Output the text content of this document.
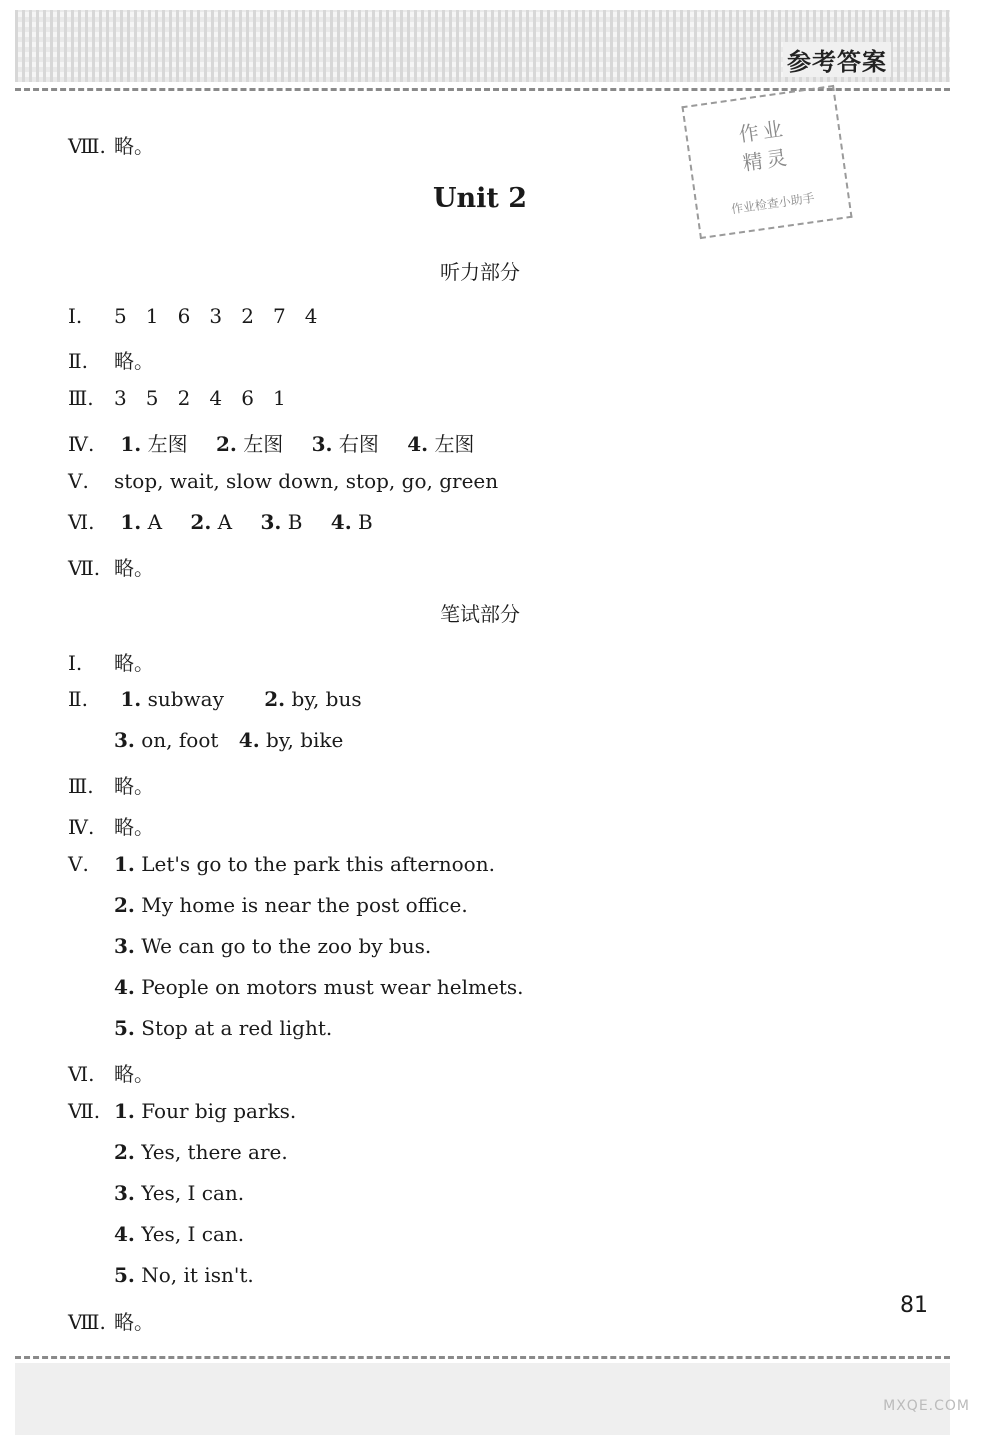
参考答案
作业
精灵
作业检查小助手
Ⅷ. 略。
Unit 2
听力部分
Ⅰ. 5   1   6   3   2   7   4
Ⅱ. 略。
Ⅲ. 3   5   2   4   6   1
Ⅳ. 1. 左图 2. 左图 3. 右图 4. 左图
Ⅴ. stop, wait, slow down, stop, go, green
Ⅵ. 1. A 2. A 3. B 4. B
Ⅶ. 略。
笔试部分
Ⅰ. 略。
Ⅱ. 1. subway 2. by, bus
3. on, foot 4. by, bike
Ⅲ. 略。
Ⅳ. 略。
Ⅴ. 1. Let's go to the park this afternoon.
2. My home is near the post office.
3. We can go to the zoo by bus.
4. People on motors must wear helmets.
5. Stop at a red light.
Ⅵ. 略。
Ⅶ. 1. Four big parks.
2. Yes, there are.
3. Yes, I can.
4. Yes, I can.
5. No, it isn't.
Ⅷ. 略。
81
MXQE.COM
